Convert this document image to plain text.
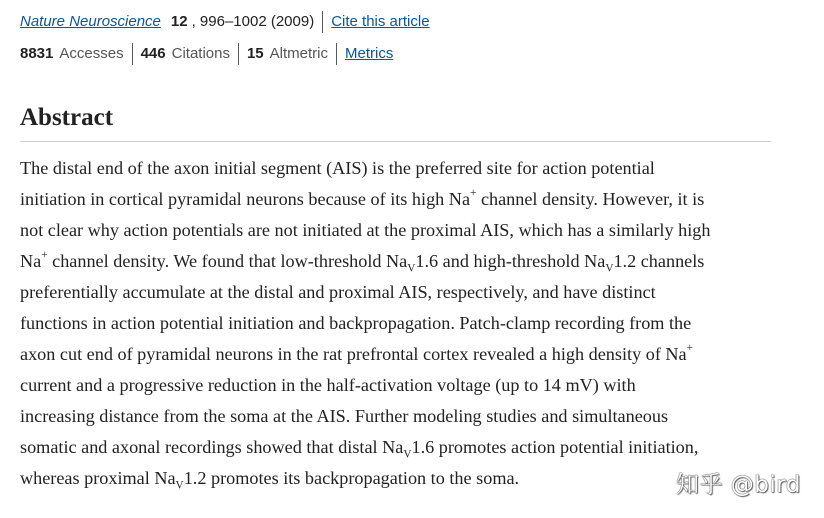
Nature Neuroscience 12 , 996–1002 (2009) Cite this article
8831 Accesses 446 Citations 15 Altmetric Metrics
Abstract
The distal end of the axon initial segment (AIS) is the preferred site for action potential
initiation in cortical pyramidal neurons because of its high Na+ channel density. However, it is
not clear why action potentials are not initiated at the proximal AIS, which has a similarly high
Na+ channel density. We found that low-threshold $Na_V1.6$ and high-threshold $Na_V1.2$ channels
preferentially accumulate at the distal and proximal AIS, respectively, and have distinct
functions in action potential initiation and backpropagation. Patch-clamp recording from the
axon cut end of pyramidal neurons in the rat prefrontal cortex revealed a high density of Na+
current and a progressive reduction in the half-activation voltage (up to 14 mV) with
increasing distance from the soma at the AIS. Further modeling studies and simultaneous
somatic and axonal recordings showed that distal $Na_V1.6$ promotes action potential initiation,
whereas proximal $Na_V1.2$ promotes its backpropagation to the soma.	知乎 @bird
